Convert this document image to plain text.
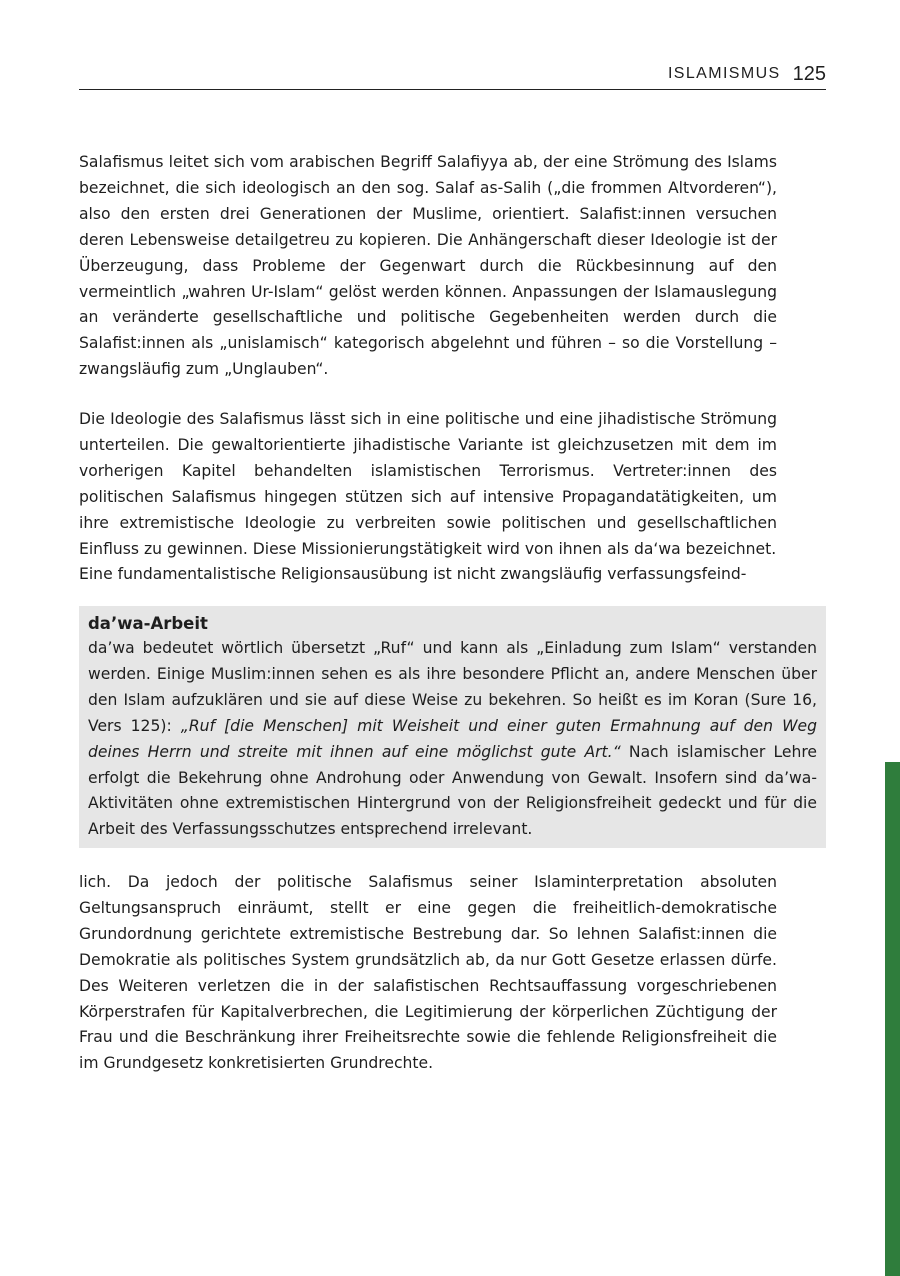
ISLAMISMUS 125

Salafismus leitet sich vom arabischen Begriff Salafiyya ab, der eine Strömung des Islams bezeichnet, die sich ideologisch an den sog. Salaf as-Salih („die frommen Altvorderen“), also den ersten drei Generationen der Muslime, orientiert. Salafist:innen versuchen deren Lebensweise detailgetreu zu kopieren. Die Anhängerschaft dieser Ideologie ist der Überzeugung, dass Probleme der Gegenwart durch die Rückbesinnung auf den vermeintlich „wahren Ur-Islam“ gelöst werden können. Anpassungen der Islamauslegung an veränderte gesellschaftliche und politische Gegebenheiten werden durch die Salafist:innen als „unislamisch“ kategorisch abgelehnt und führen – so die Vorstellung – zwangsläufig zum „Unglauben“.

Die Ideologie des Salafismus lässt sich in eine politische und eine jihadistische Strömung unterteilen. Die gewaltorientierte jihadistische Variante ist gleichzusetzen mit dem im vorherigen Kapitel behandelten islamistischen Terrorismus. Vertreter:innen des politischen Salafismus hingegen stützen sich auf intensive Propagandatätigkeiten, um ihre extremistische Ideologie zu verbreiten sowie politischen und gesellschaftlichen Einfluss zu gewinnen. Diese Missionierungstätigkeit wird von ihnen als da‘wa bezeichnet.
Eine fundamentalistische Religionsausübung ist nicht zwangsläufig verfassungsfeind-

da’wa-Arbeit

da’wa bedeutet wörtlich übersetzt „Ruf“ und kann als „Einladung zum Islam“ verstanden werden. Einige Muslim:innen sehen es als ihre besondere Pflicht an, andere Menschen über den Islam aufzuklären und sie auf diese Weise zu bekehren. So heißt es im Koran (Sure 16, Vers 125): „Ruf [die Menschen] mit Weisheit und einer guten Ermahnung auf den Weg deines Herrn und streite mit ihnen auf eine möglichst gute Art.“ Nach islamischer Lehre erfolgt die Bekehrung ohne Androhung oder Anwendung von Gewalt. Insofern sind da’wa-Aktivitäten ohne extremistischen Hintergrund von der Religionsfreiheit gedeckt und für die Arbeit des Verfassungsschutzes entsprechend irrelevant.

lich. Da jedoch der politische Salafismus seiner Islaminterpretation absoluten Geltungsanspruch einräumt, stellt er eine gegen die freiheitlich-demokratische Grundordnung gerichtete extremistische Bestrebung dar. So lehnen Salafist:innen die Demokratie als politisches System grundsätzlich ab, da nur Gott Gesetze erlassen dürfe. Des Weiteren verletzen die in der salafistischen Rechtsauffassung vorgeschriebenen Körperstrafen für Kapitalverbrechen, die Legitimierung der körperlichen Züchtigung der Frau und die Beschränkung ihrer Freiheitsrechte sowie die fehlende Religionsfreiheit die im Grundgesetz konkretisierten Grundrechte.
